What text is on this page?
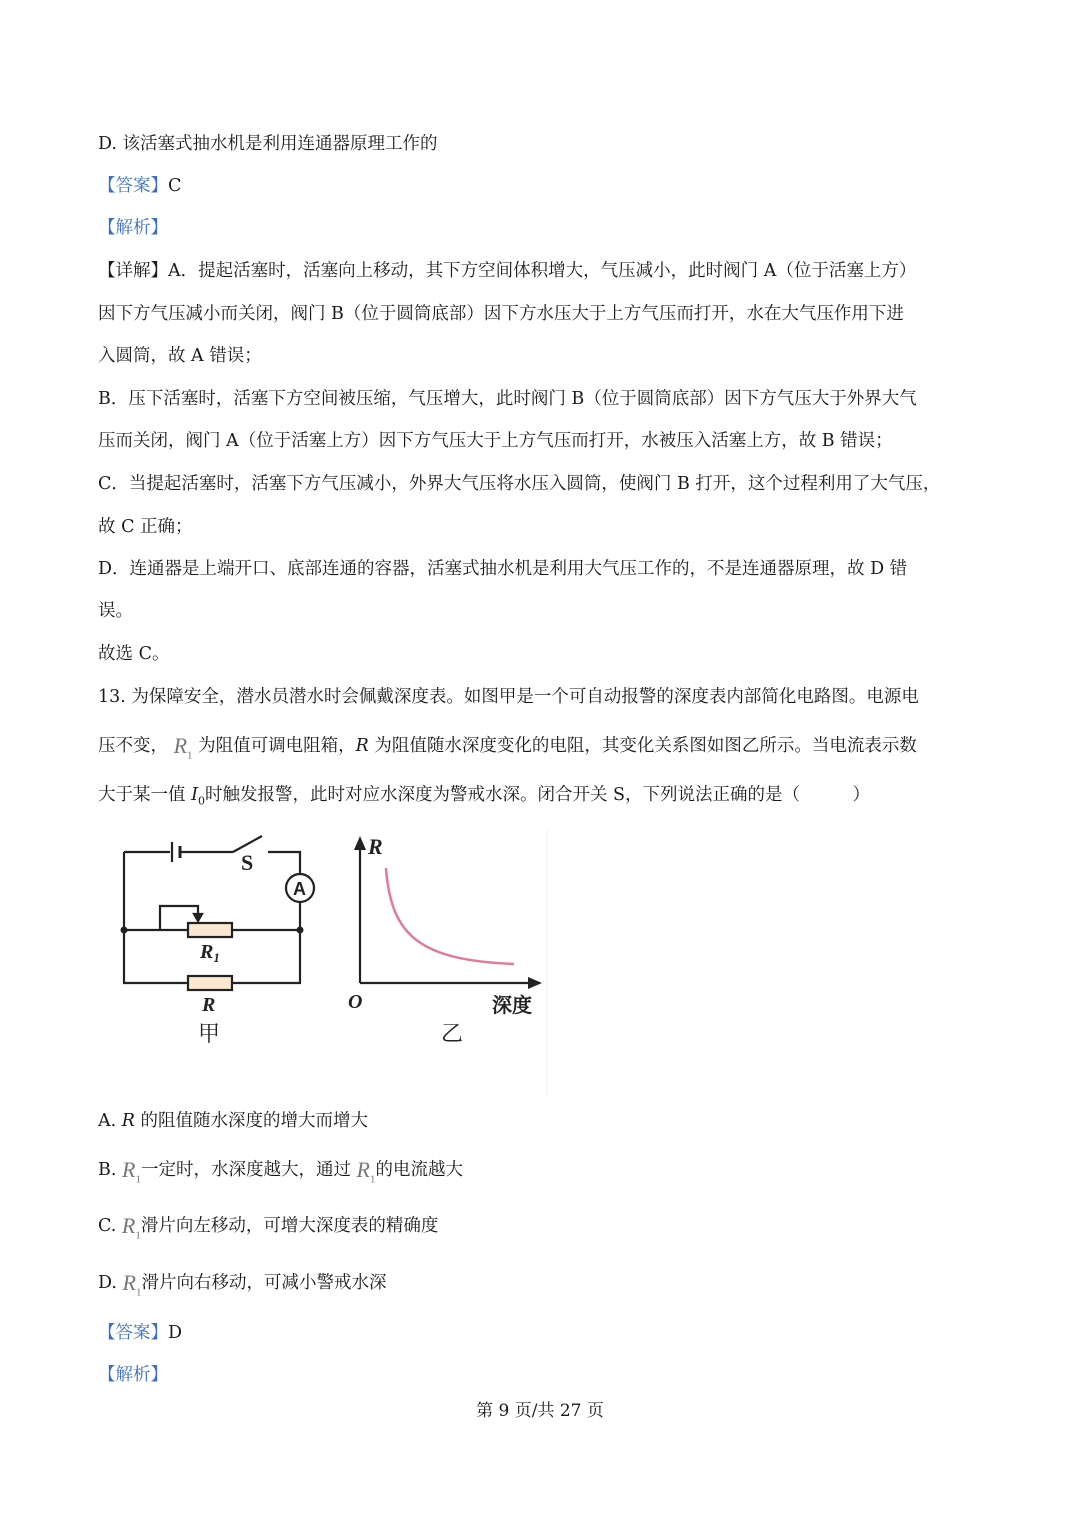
D. 该活塞式抽水机是利用连通器原理工作的
【答案】C
【解析】
【详解】A．提起活塞时，活塞向上移动，其下方空间体积增大，气压减小，此时阀门 A（位于活塞上方）
因下方气压减小而关闭，阀门 B（位于圆筒底部）因下方水压大于上方气压而打开，水在大气压作用下进
入圆筒，故 A 错误；
B．压下活塞时，活塞下方空间被压缩，气压增大，此时阀门 B（位于圆筒底部）因下方气压大于外界大气
压而关闭，阀门 A（位于活塞上方）因下方气压大于上方气压而打开，水被压入活塞上方，故 B 错误；
C．当提起活塞时，活塞下方气压减小，外界大气压将水压入圆筒，使阀门 B 打开，这个过程利用了大气压，
故 C 正确；
D．连通器是上端开口、底部连通的容器，活塞式抽水机是利用大气压工作的，不是连通器原理，故 D 错
误。
故选 C。
13. 为保障安全，潜水员潜水时会佩戴深度表。如图甲是一个可自动报警的深度表内部简化电路图。电源电
压不变， $R_1$ 为阻值可调电阻箱，R 为阻值随水深度变化的电阻，其变化关系图如图乙所示。当电流表示数
大于某一值 $I_0$时触发报警，此时对应水深度为警戒水深。闭合开关 S，下列说法正确的是（　　　）
S
A
$R_1$
R
甲
R
O	深度
乙
A. R 的阻值随水深度的增大而增大
B. $R_1$一定时，水深度越大，通过 $R_1$的电流越大
C. $R_1$滑片向左移动，可增大深度表的精确度
D. $R_1$滑片向右移动，可减小警戒水深
【答案】D
【解析】
第 9 页/共 27 页
